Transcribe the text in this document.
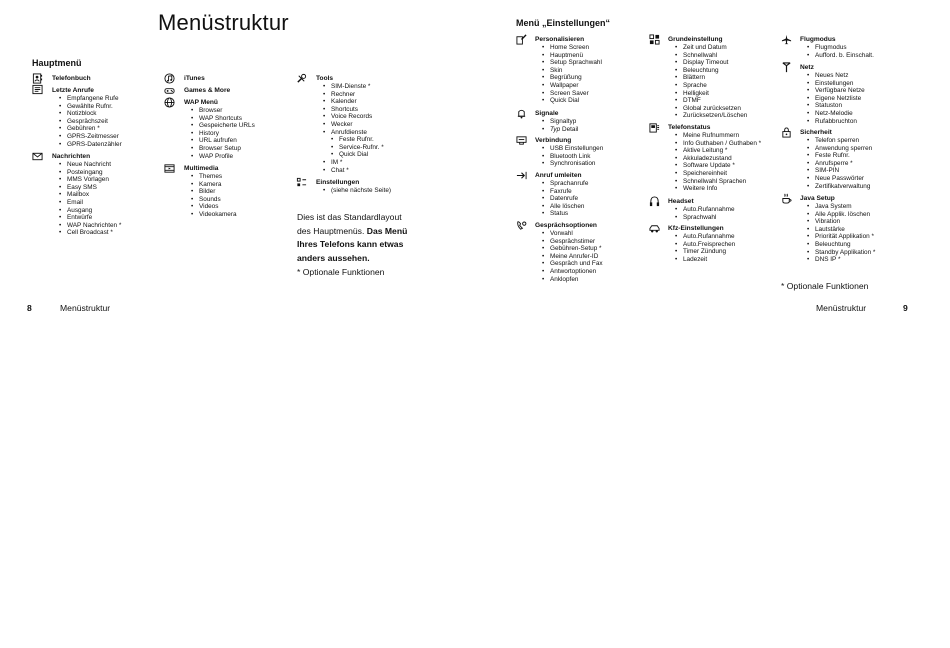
Menüstruktur
Hauptmenü
Telefonbuch
Letzte Anrufe
• Empfangene Rufe
• Gewählte Rufnr.
• Notizblock
• Gesprächszeit
• Gebühren *
• GPRS-Zeitmesser
• GPRS-Datenzähler
Nachrichten
• Neue Nachricht
• Posteingang
• MMS Vorlagen
• Easy SMS
• Mailbox
• Email
• Ausgang
• Entwürfe
• WAP Nachrichten *
• Cell Broadcast *
iTunes
Games & More
WAP Menü
• Browser
• WAP Shortcuts
• Gespeicherte URLs
• History
• URL aufrufen
• Browser Setup
• WAP Profile
Multimedia
• Themes
• Kamera
• Bilder
• Sounds
• Videos
• Videokamera
Tools
• SIM-Dienste *
• Rechner
• Kalender
• Shortcuts
• Voice Records
• Wecker
• Anrufdienste
• Feste Rufnr.
• Service-Rufnr. *
• Quick Dial
• IM *
• Chat *
Einstellungen
• (siehe nächste Seite)
Dies ist das Standardlayout
des Hauptmenüs. Das Menü
Ihres Telefons kann etwas
anders aussehen.
* Optionale Funktionen
8	Menüstruktur
Menü „Einstellungen“
Personalisieren
• Home Screen
• Hauptmenü
• Setup Sprachwahl
• Skin
• Begrüßung
• Wallpaper
• Screen Saver
• Quick Dial
Signale
• Signaltyp
• Typ Detail
Verbindung
• USB Einstellungen
• Bluetooth Link
• Synchronisation
Anruf umleiten
• Sprachanrufe
• Faxrufe
• Datenrufe
• Alle löschen
• Status
Gesprächsoptionen
• Vorwahl
• Gesprächstimer
• Gebühren-Setup *
• Meine Anrufer-ID
• Gespräch und Fax
• Antwortoptionen
• Anklopfen
Grundeinstellung
• Zeit und Datum
• Schnellwahl
• Display Timeout
• Beleuchtung
• Blättern
• Sprache
• Helligkeit
• DTMF
• Global zurücksetzen
• Zurücksetzen/Löschen
Telefonstatus
• Meine Rufnummern
• Info Guthaben / Guthaben *
• Aktive Leitung *
• Akkuladezustand
• Software Update *
• Speichereinheit
• Schnellwahl Sprachen
• Weitere Info
Headset
• Auto.Rufannahme
• Sprachwahl
Kfz-Einstellungen
• Auto.Rufannahme
• Auto.Freisprechen
• Timer Zündung
• Ladezeit
Flugmodus
• Flugmodus
• Aufford. b. Einschalt.
Netz
• Neues Netz
• Einstellungen
• Verfügbare Netze
• Eigene Netzliste
• Statuston
• Netz-Melodie
• Rufabbruchton
Sicherheit
• Telefon sperren
• Anwendung sperren
• Feste Rufnr.
• Anrufsperre *
• SIM-PIN
• Neue Passwörter
• Zertifikatverwaltung
Java Setup
• Java System
• Alle Applik. löschen
• Vibration
• Lautstärke
• Priorität Applikation *
• Beleuchtung
• Standby Applikation *
• DNS IP *
* Optionale Funktionen
Menüstruktur	9
